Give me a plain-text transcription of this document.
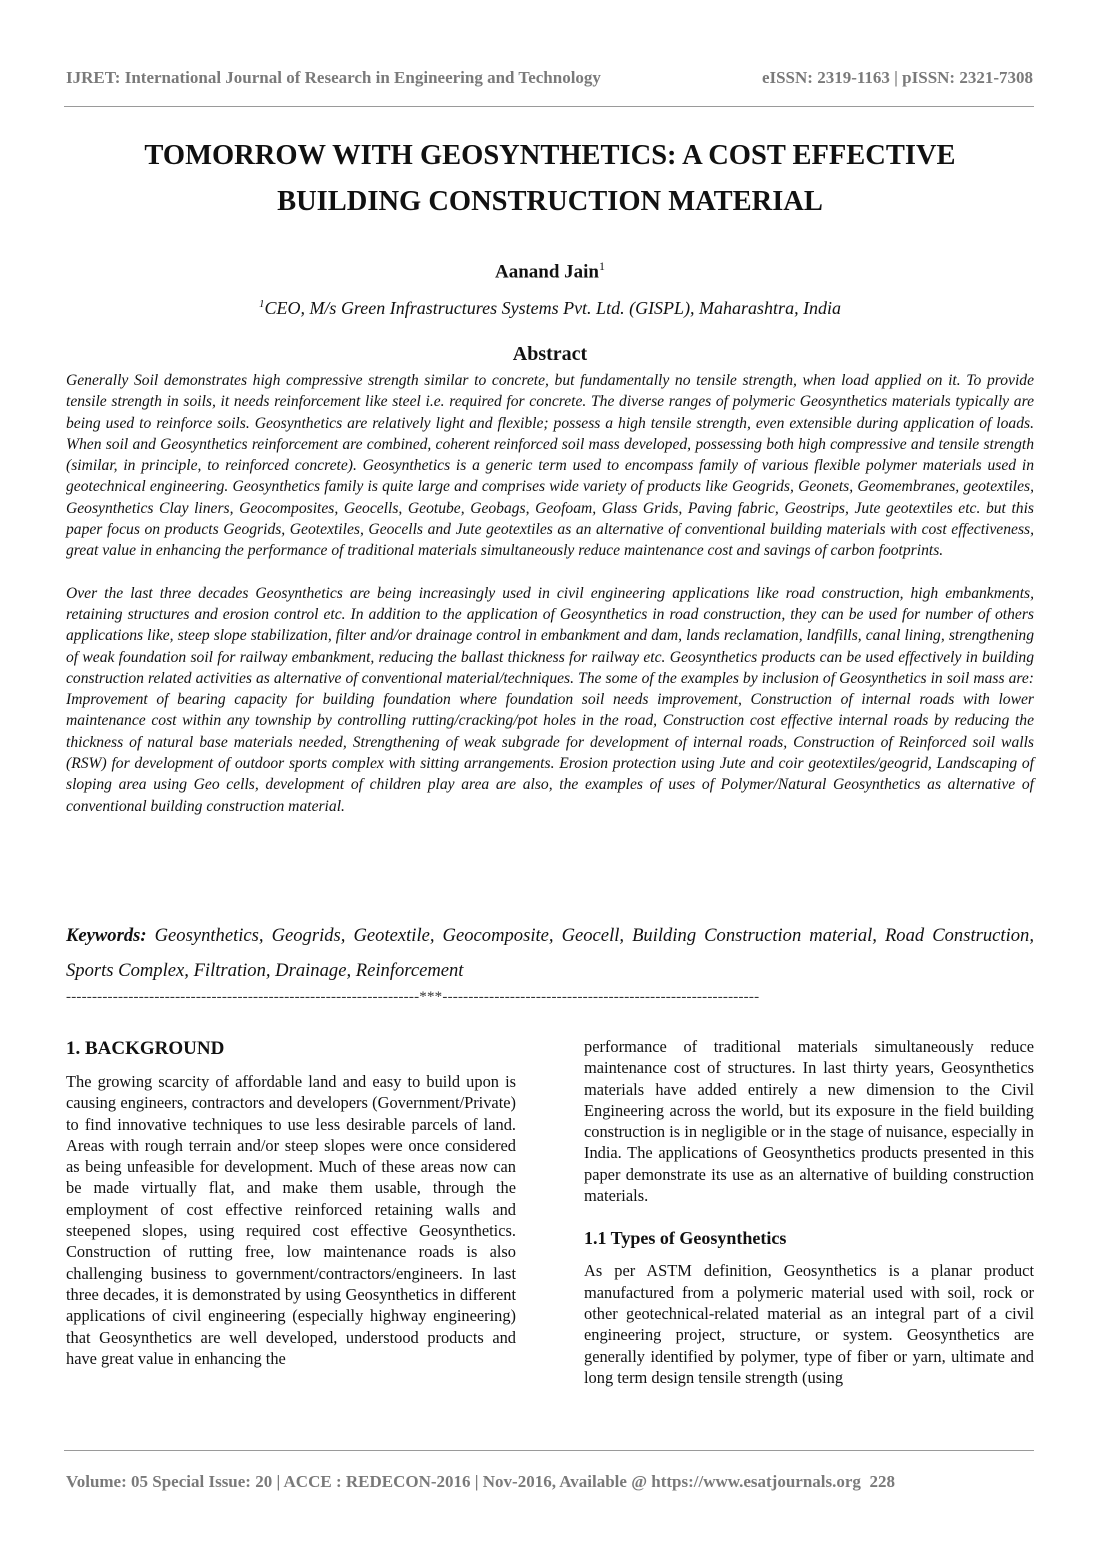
IJRET: International Journal of Research in Engineering and Technology	eISSN: 2319-1163 | pISSN: 2321-7308
TOMORROW WITH GEOSYNTHETICS: A COST EFFECTIVE
BUILDING CONSTRUCTION MATERIAL
Aanand Jain$^1$
$^1$CEO, M/s Green Infrastructures Systems Pvt. Ltd. (GISPL), Maharashtra, India
Abstract

Generally Soil demonstrates high compressive strength similar to concrete, but fundamentally no tensile strength, when load applied on it. To provide tensile strength in soils, it needs reinforcement like steel i.e. required for concrete. The diverse ranges of polymeric Geosynthetics materials typically are being used to reinforce soils. Geosynthetics are relatively light and flexible; possess a high tensile strength, even extensible during application of loads. When soil and Geosynthetics reinforcement are combined, coherent reinforced soil mass developed, possessing both high compressive and tensile strength (similar, in principle, to reinforced concrete). Geosynthetics is a generic term used to encompass family of various flexible polymer materials used in geotechnical engineering. Geosynthetics family is quite large and comprises wide variety of products like Geogrids, Geonets, Geomembranes, geotextiles, Geosynthetics Clay liners, Geocomposites, Geocells, Geotube, Geobags, Geofoam, Glass Grids, Paving fabric, Geostrips, Jute geotextiles etc. but this paper focus on products Geogrids, Geotextiles, Geocells and Jute geotextiles as an alternative of conventional building materials with cost effectiveness, great value in enhancing the performance of traditional materials simultaneously reduce maintenance cost and savings of carbon footprints.

Over the last three decades Geosynthetics are being increasingly used in civil engineering applications like road construction, high embankments, retaining structures and erosion control etc. In addition to the application of Geosynthetics in road construction, they can be used for number of others applications like, steep slope stabilization, filter and/or drainage control in embankment and dam, lands reclamation, landfills, canal lining, strengthening of weak foundation soil for railway embankment, reducing the ballast thickness for railway etc. Geosynthetics products can be used effectively in building construction related activities as alternative of conventional material/techniques. The some of the examples by inclusion of Geosynthetics in soil mass are: Improvement of bearing capacity for building foundation where foundation soil needs improvement, Construction of internal roads with lower maintenance cost within any township by controlling rutting/cracking/pot holes in the road, Construction cost effective internal roads by reducing the thickness of natural base materials needed, Strengthening of weak subgrade for development of internal roads, Construction of Reinforced soil walls (RSW) for development of outdoor sports complex with sitting arrangements. Erosion protection using Jute and coir geotextiles/geogrid, Landscaping of sloping area using Geo cells, development of children play area are also, the examples of uses of Polymer/Natural Geosynthetics as alternative of conventional building construction material.

Keywords: Geosynthetics, Geogrids, Geotextile, Geocomposite, Geocell, Building Construction material, Road Construction, Sports Complex, Filtration, Drainage, Reinforcement
--------------------------------------------------------------------***-------------------------------------------------------------
1. BACKGROUND

The growing scarcity of affordable land and easy to build upon is causing engineers, contractors and developers (Government/Private) to find innovative techniques to use less desirable parcels of land. Areas with rough terrain and/or steep slopes were once considered as being unfeasible for development. Much of these areas now can be made virtually flat, and make them usable, through the employment of cost effective reinforced retaining walls and steepened slopes, using required cost effective Geosynthetics. Construction of rutting free, low maintenance roads is also challenging business to government/contractors/engineers. In last three decades, it is demonstrated by using Geosynthetics in different applications of civil engineering (especially highway engineering) that Geosynthetics are well developed, understood products and have great value in enhancing the

performance of traditional materials simultaneously reduce maintenance cost of structures. In last thirty years, Geosynthetics materials have added entirely a new dimension to the Civil Engineering across the world, but its exposure in the field building construction is in negligible or in the stage of nuisance, especially in India. The applications of Geosynthetics products presented in this paper demonstrate its use as an alternative of building construction materials.

1.1 Types of Geosynthetics

As per ASTM definition, Geosynthetics is a planar product manufactured from a polymeric material used with soil, rock or other geotechnical-related material as an integral part of a civil engineering project, structure, or system. Geosynthetics are generally identified by polymer, type of fiber or yarn, ultimate and long term design tensile strength (using

Volume: 05 Special Issue: 20 | ACCE : REDECON-2016 | Nov-2016, Available @ https://www.esatjournals.org 228
